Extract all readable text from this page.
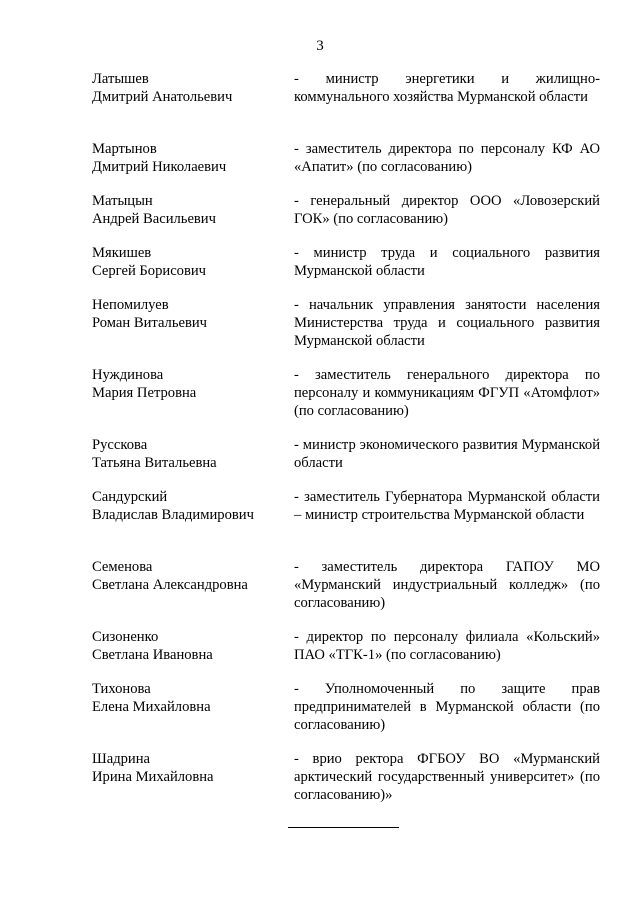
3
Латышев
Дмитрий Анатольевич
- министр энергетики и жилищно-коммунального хозяйства Мурманской области
Мартынов
Дмитрий Николаевич
- заместитель директора по персоналу КФ АО «Апатит» (по согласованию)
Матыцын
Андрей Васильевич
- генеральный директор ООО «Ловозерский ГОК» (по согласованию)
Мякишев
Сергей Борисович
- министр труда и социального развития Мурманской области
Непомилуев
Роман Витальевич
- начальник управления занятости населения Министерства труда и социального развития Мурманской области
Нуждинова
Мария Петровна
- заместитель генерального директора по персоналу и коммуникациям ФГУП «Атомфлот» (по согласованию)
Русскова
Татьяна Витальевна
- министр экономического развития Мурманской области
Сандурский
Владислав Владимирович
- заместитель Губернатора Мурманской области – министр строительства Мурманской области
Семенова
Светлана Александровна
- заместитель директора ГАПОУ МО «Мурманский индустриальный колледж» (по согласованию)
Сизоненко
Светлана Ивановна
- директор по персоналу филиала «Кольский» ПАО «ТГК-1» (по согласованию)
Тихонова
Елена Михайловна
- Уполномоченный по защите прав предпринимателей в Мурманской области (по согласованию)
Шадрина
Ирина Михайловна
- врио ректора ФГБОУ ВО «Мурманский арктический государственный университет» (по согласованию)»
